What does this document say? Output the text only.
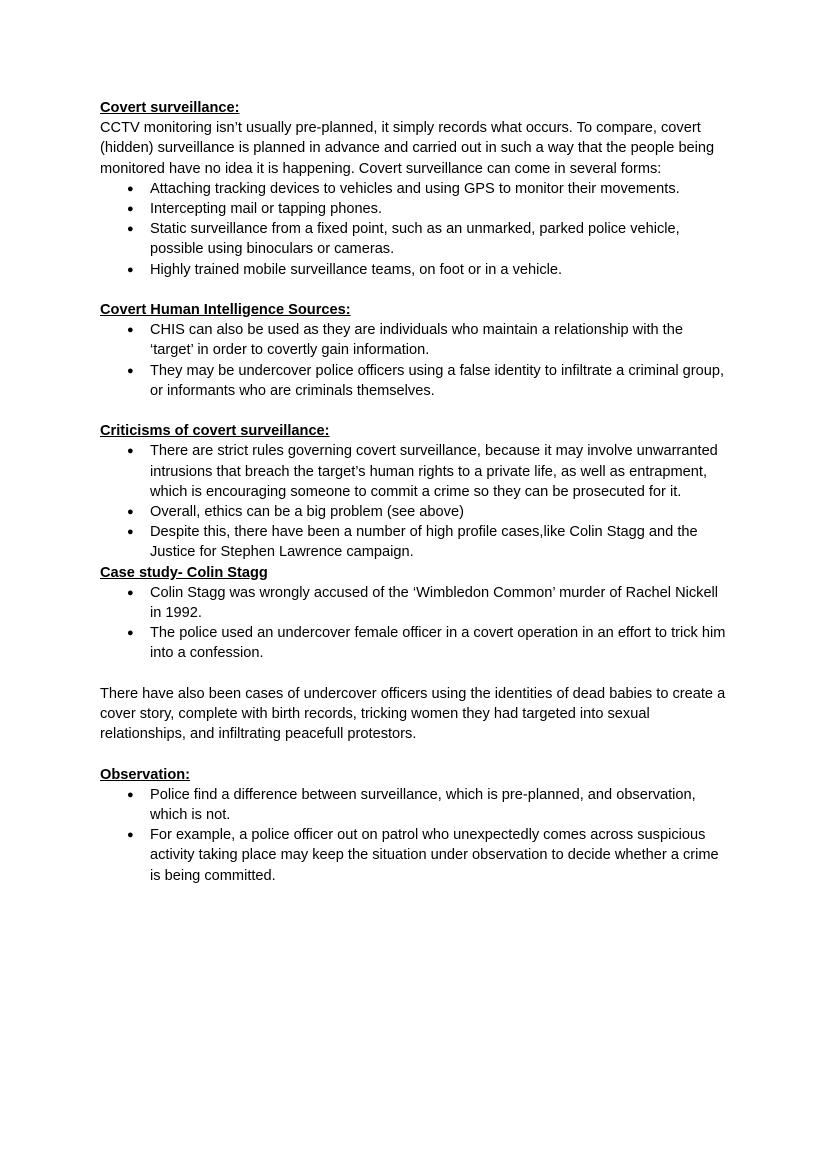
Covert surveillance:

CCTV monitoring isn’t usually pre-planned, it simply records what occurs. To compare, covert (hidden) surveillance is planned in advance and carried out in such a way that the people being monitored have no idea it is happening. Covert surveillance can come in several forms:

● Attaching tracking devices to vehicles and using GPS to monitor their movements.
● Intercepting mail or tapping phones.
● Static surveillance from a fixed point, such as an unmarked, parked police vehicle, possible using binoculars or cameras.
● Highly trained mobile surveillance teams, on foot or in a vehicle.

Covert Human Intelligence Sources:

● CHIS can also be used as they are individuals who maintain a relationship with the ‘target’ in order to covertly gain information.
● They may be undercover police officers using a false identity to infiltrate a criminal group, or informants who are criminals themselves.

Criticisms of covert surveillance:

● There are strict rules governing covert surveillance, because it may involve unwarranted intrusions that breach the target’s human rights to a private life, as well as entrapment, which is encouraging someone to commit a crime so they can be prosecuted for it.
● Overall, ethics can be a big problem (see above)
● Despite this, there have been a number of high profile cases,like Colin Stagg and the Justice for Stephen Lawrence campaign.

Case study- Colin Stagg

● Colin Stagg was wrongly accused of the ‘Wimbledon Common’ murder of Rachel Nickell in 1992.
● The police used an undercover female officer in a covert operation in an effort to trick him into a confession.

There have also been cases of undercover officers using the identities of dead babies to create a cover story, complete with birth records, tricking women they had targeted into sexual relationships, and infiltrating peacefull protestors.

Observation:

● Police find a difference between surveillance, which is pre-planned, and observation, which is not.
● For example, a police officer out on patrol who unexpectedly comes across suspicious activity taking place may keep the situation under observation to decide whether a crime is being committed.
